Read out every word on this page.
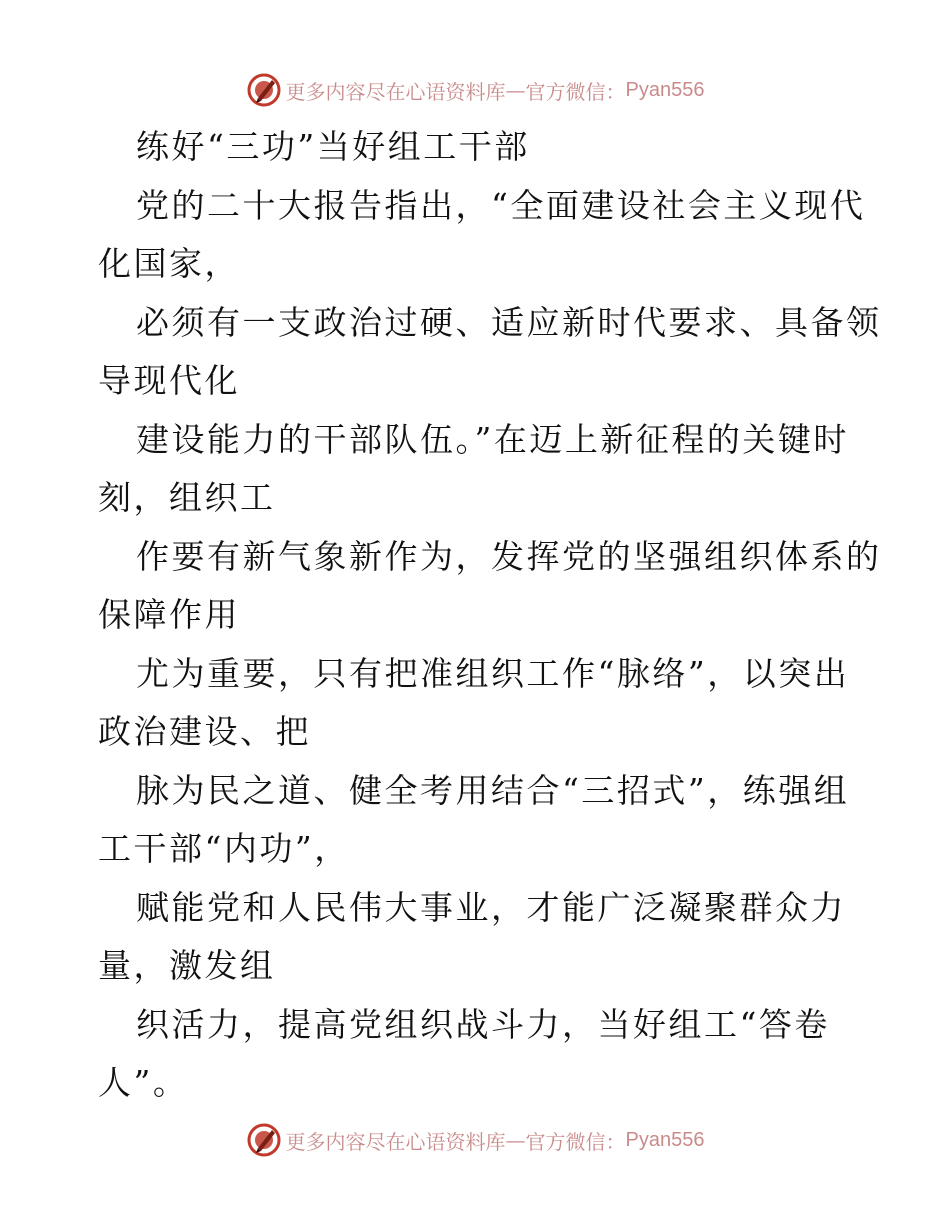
更多内容尽在心语资料库 — 官方微信： Pyan556
练好“三功”当好组工干部
党的二十大报告指出，“全面建设社会主义现代
化国家，
必须有一支政治过硬、适应新时代要求、具备领
导现代化
建设能力的干部队伍。”在迈上新征程的关键时
刻，组织工
作要有新气象新作为，发挥党的坚强组织体系的
保障作用
尤为重要，只有把准组织工作“脉络”，以突出
政治建设、把
脉为民之道、健全考用结合“三招式”，练强组
工干部“内功”，
赋能党和人民伟大事业，才能广泛凝聚群众力
量，激发组
织活力，提高党组织战斗力，当好组工“答卷
人”。
更多内容尽在心语资料库 — 官方微信： Pyan556
